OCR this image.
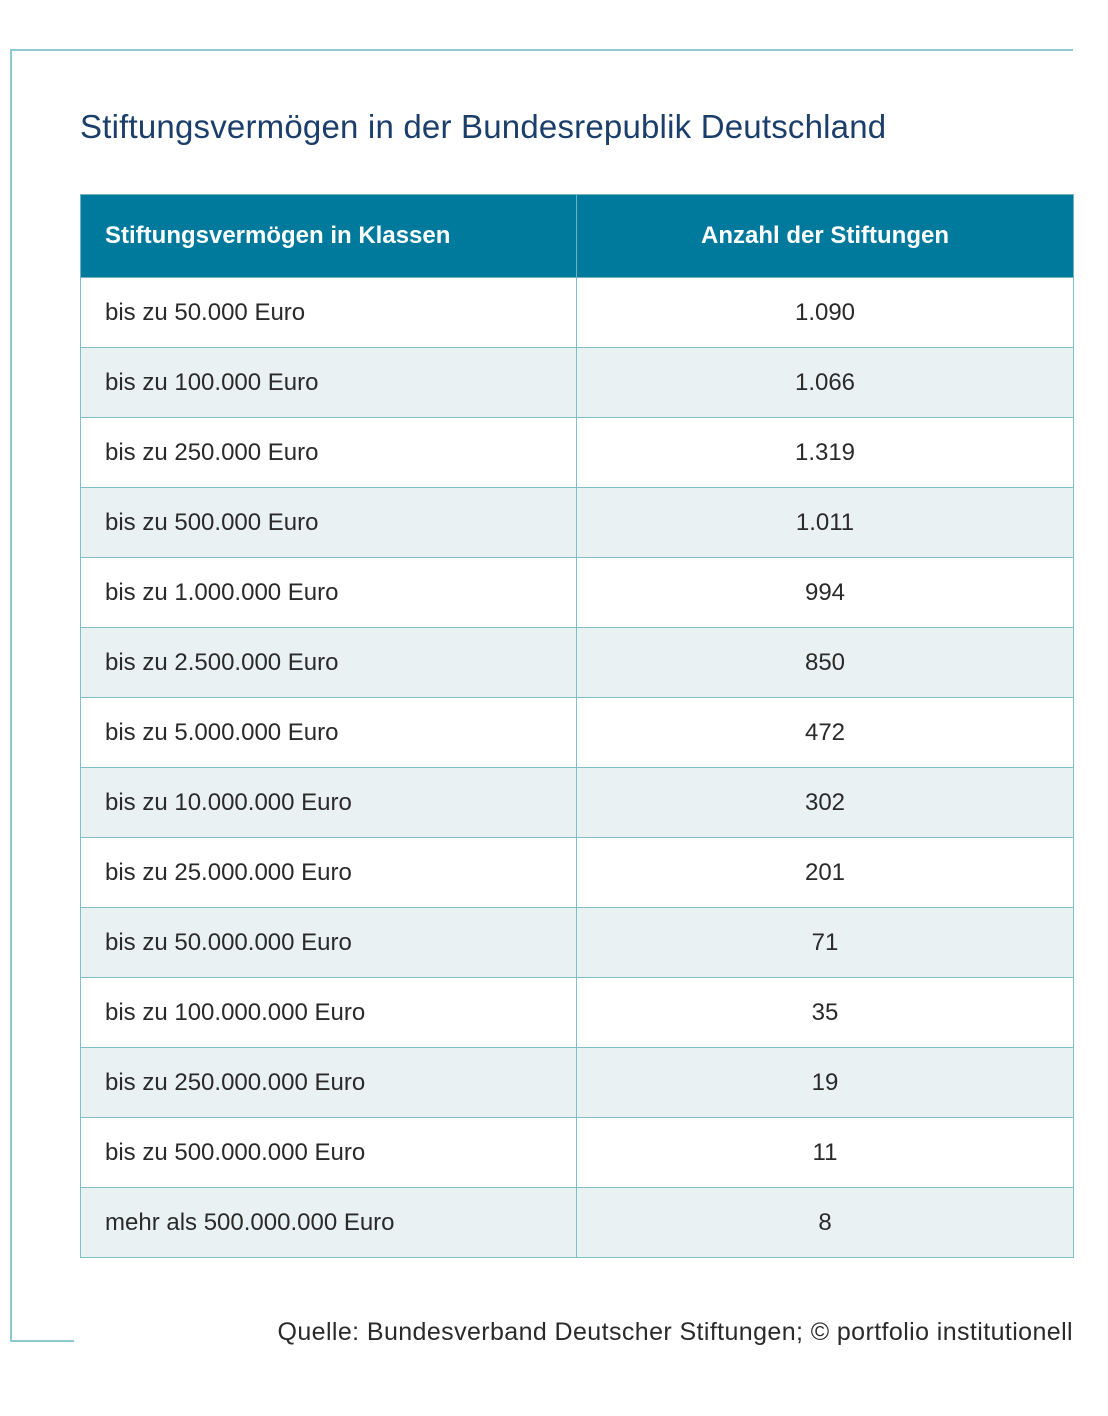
Stiftungsvermögen in der Bundesrepublik Deutschland
Stiftungsvermögen in Klassen	Anzahl der Stiftungen
bis zu 50.000 Euro	1.090
bis zu 100.000 Euro	1.066
bis zu 250.000 Euro	1.319
bis zu 500.000 Euro	1.011
bis zu 1.000.000 Euro	994
bis zu 2.500.000 Euro	850
bis zu 5.000.000 Euro	472
bis zu 10.000.000 Euro	302
bis zu 25.000.000 Euro	201
bis zu 50.000.000 Euro	71
bis zu 100.000.000 Euro	35
bis zu 250.000.000 Euro	19
bis zu 500.000.000 Euro	11
mehr als 500.000.000 Euro	8
Quelle: Bundesverband Deutscher Stiftungen; © portfolio institutionell
